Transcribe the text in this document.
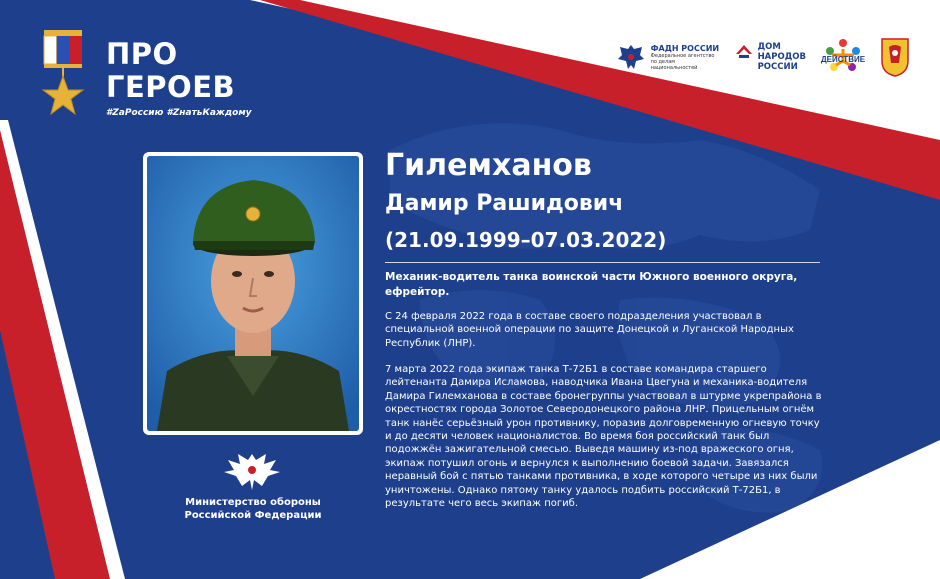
ПРО
ГЕРОЕВ
#ZaРоссию #ZнатьКаждому
ФАДН РОССИИ
Федеральное агентство по делам национальностей
ДОМ
НАРОДОВ
РОССИИ
ДЕЙСТВИЕ
Министерство обороны
Российской Федерации
Гилемханов
Дамир Рашидович
(21.09.1999–07.03.2022)
Механик-водитель танка воинской части Южного военного округа, ефрейтор.
С 24 февраля 2022 года в составе своего подразделения участвовал в специальной военной операции по защите Донецкой и Луганской Народных Республик (ЛНР).
7 марта 2022 года экипаж танка Т-72Б1 в составе командира старшего лейтенанта Дамира Исламова, наводчика Ивана Цвегуна и механика-водителя Дамира Гилемханова в составе бронегруппы участвовал в штурме укрепрайона в окрестностях города Золотое Северодонецкого района ЛНР. Прицельным огнём танк нанёс серьёзный урон противнику, поразив долговременную огневую точку и до десяти человек националистов. Во время боя российский танк был подожжён зажигательной смесью. Выведя машину из-под вражеского огня, экипаж потушил огонь и вернулся к выполнению боевой задачи. Завязался неравный бой с пятью танками противника, в ходе которого четыре из них были уничтожены. Однако пятому танку удалось подбить российский Т-72Б1, в результате чего весь экипаж погиб.
